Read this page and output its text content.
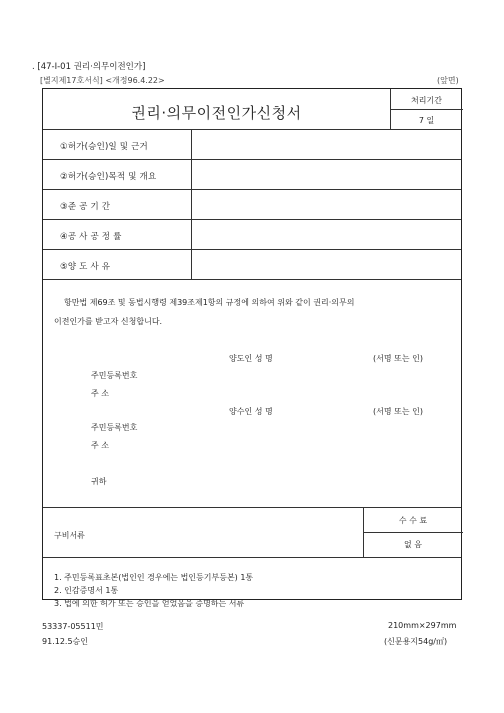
. [47-I-01 권리·의무이전인가]
[별지제17호서식] <개정96.4.22>	(앞면)
권리·의무이전인가신청서
처리기간
7 일
①허가(승인)일 및 근거
②허가(승인)목적 및 개요
③준 공 기 간
④공 사 공 정 률
⑤양 도 사 유
항만법 제69조 및 동법시행령 제39조제1항의 규정에 의하여 위와 같이 권리·의무의
이전인가를 받고자 신청합니다.
양도인 성 명	(서명 또는 인)
주민등록번호
주 소
양수인 성 명	(서명 또는 인)
주민등록번호
주 소
귀하
구비서류
수 수 료
없 음
1. 주민등록표초본(법인인 경우에는 법인등기부등본) 1통
2. 인감증명서 1통
3. 법에 의한 허가 또는 승인을 얻었음을 증명하는 서류
53337-05511민
91.12.5승인
210mm×297mm
(신문용지54g/㎡)
